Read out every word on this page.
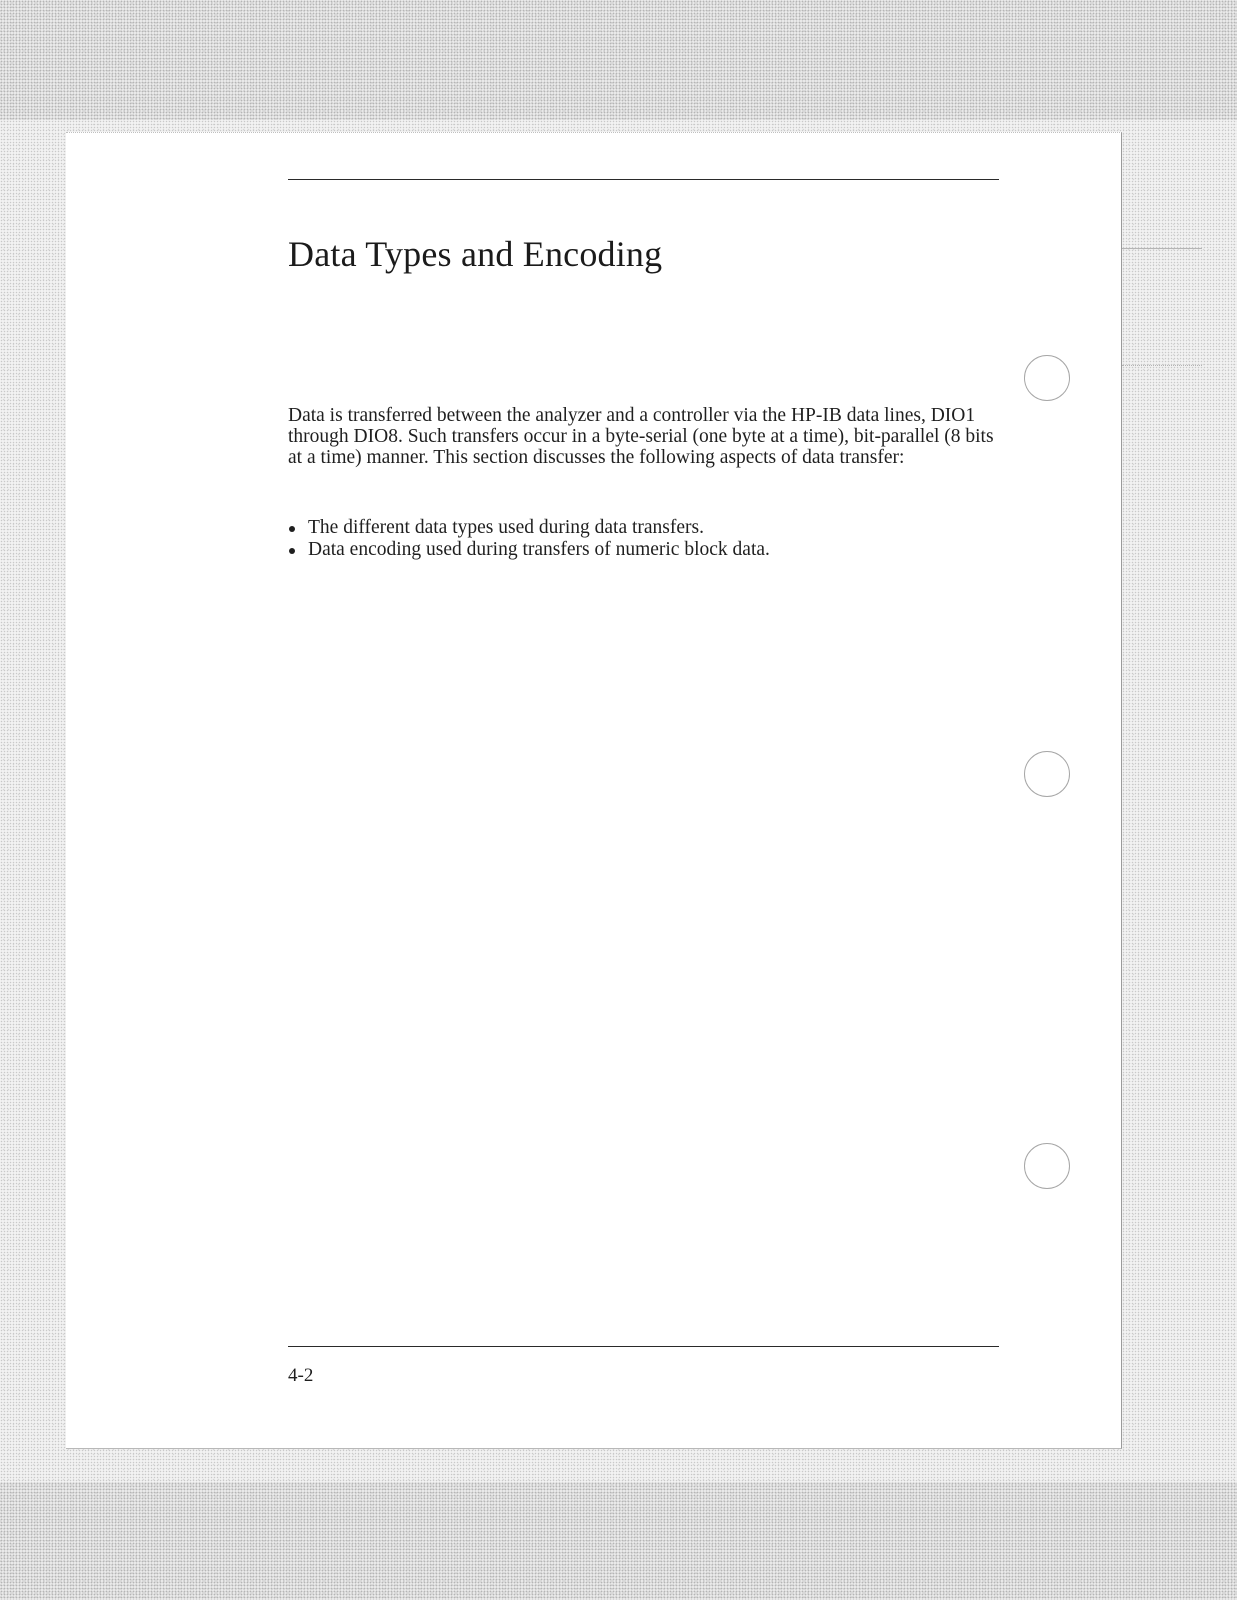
Data Types and Encoding

Data is transferred between the analyzer and a controller via the HP-IB data lines, DIO1 through DIO8. Such transfers occur in a byte-serial (one byte at a time), bit-parallel (8 bits at a time) manner. This section discusses the following aspects of data transfer:

The different data types used during data transfers.
Data encoding used during transfers of numeric block data.

4-2
